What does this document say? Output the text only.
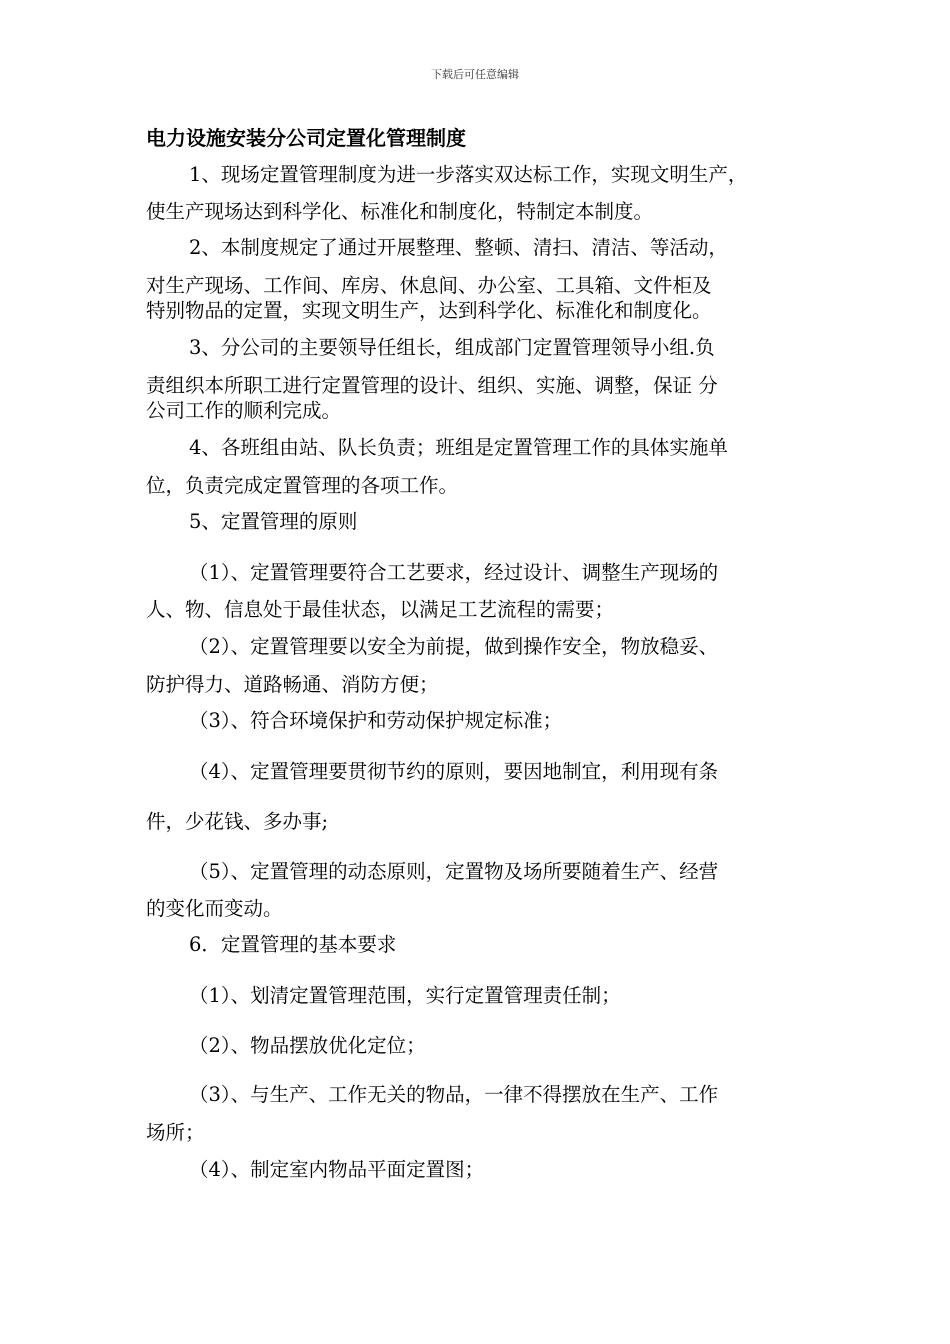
下载后可任意编辑
电力设施安装分公司定置化管理制度
1、现场定置管理制度为进一步落实双达标工作，实现文明生产，
使生产现场达到科学化、标准化和制度化，特制定本制度。
2、本制度规定了通过开展整理、整顿、清扫、清洁、等活动，
对生产现场、工作间、库房、休息间、办公室、工具箱、文件柜及
特别物品的定置，实现文明生产，达到科学化、标准化和制度化。
3、分公司的主要领导任组长，组成部门定置管理领导小组.负
责组织本所职工进行定置管理的设计、组织、实施、调整，保证 分
公司工作的顺利完成。
4、各班组由站、队长负责；班组是定置管理工作的具体实施单
位，负责完成定置管理的各项工作。
5、定置管理的原则
（1）、定置管理要符合工艺要求，经过设计、调整生产现场的
人、物、信息处于最佳状态，以满足工艺流程的需要；
（2）、定置管理要以安全为前提，做到操作安全，物放稳妥、
防护得力、道路畅通、消防方便；
（3）、符合环境保护和劳动保护规定标准；
（4）、定置管理要贯彻节约的原则，要因地制宜，利用现有条
件，少花钱、多办事;
（5）、定置管理的动态原则，定置物及场所要随着生产、经营
的变化而变动。
6．定置管理的基本要求
（1）、划清定置管理范围，实行定置管理责任制；
（2）、物品摆放优化定位；
（3）、与生产、工作无关的物品，一律不得摆放在生产、工作
场所；
（4）、制定室内物品平面定置图；
